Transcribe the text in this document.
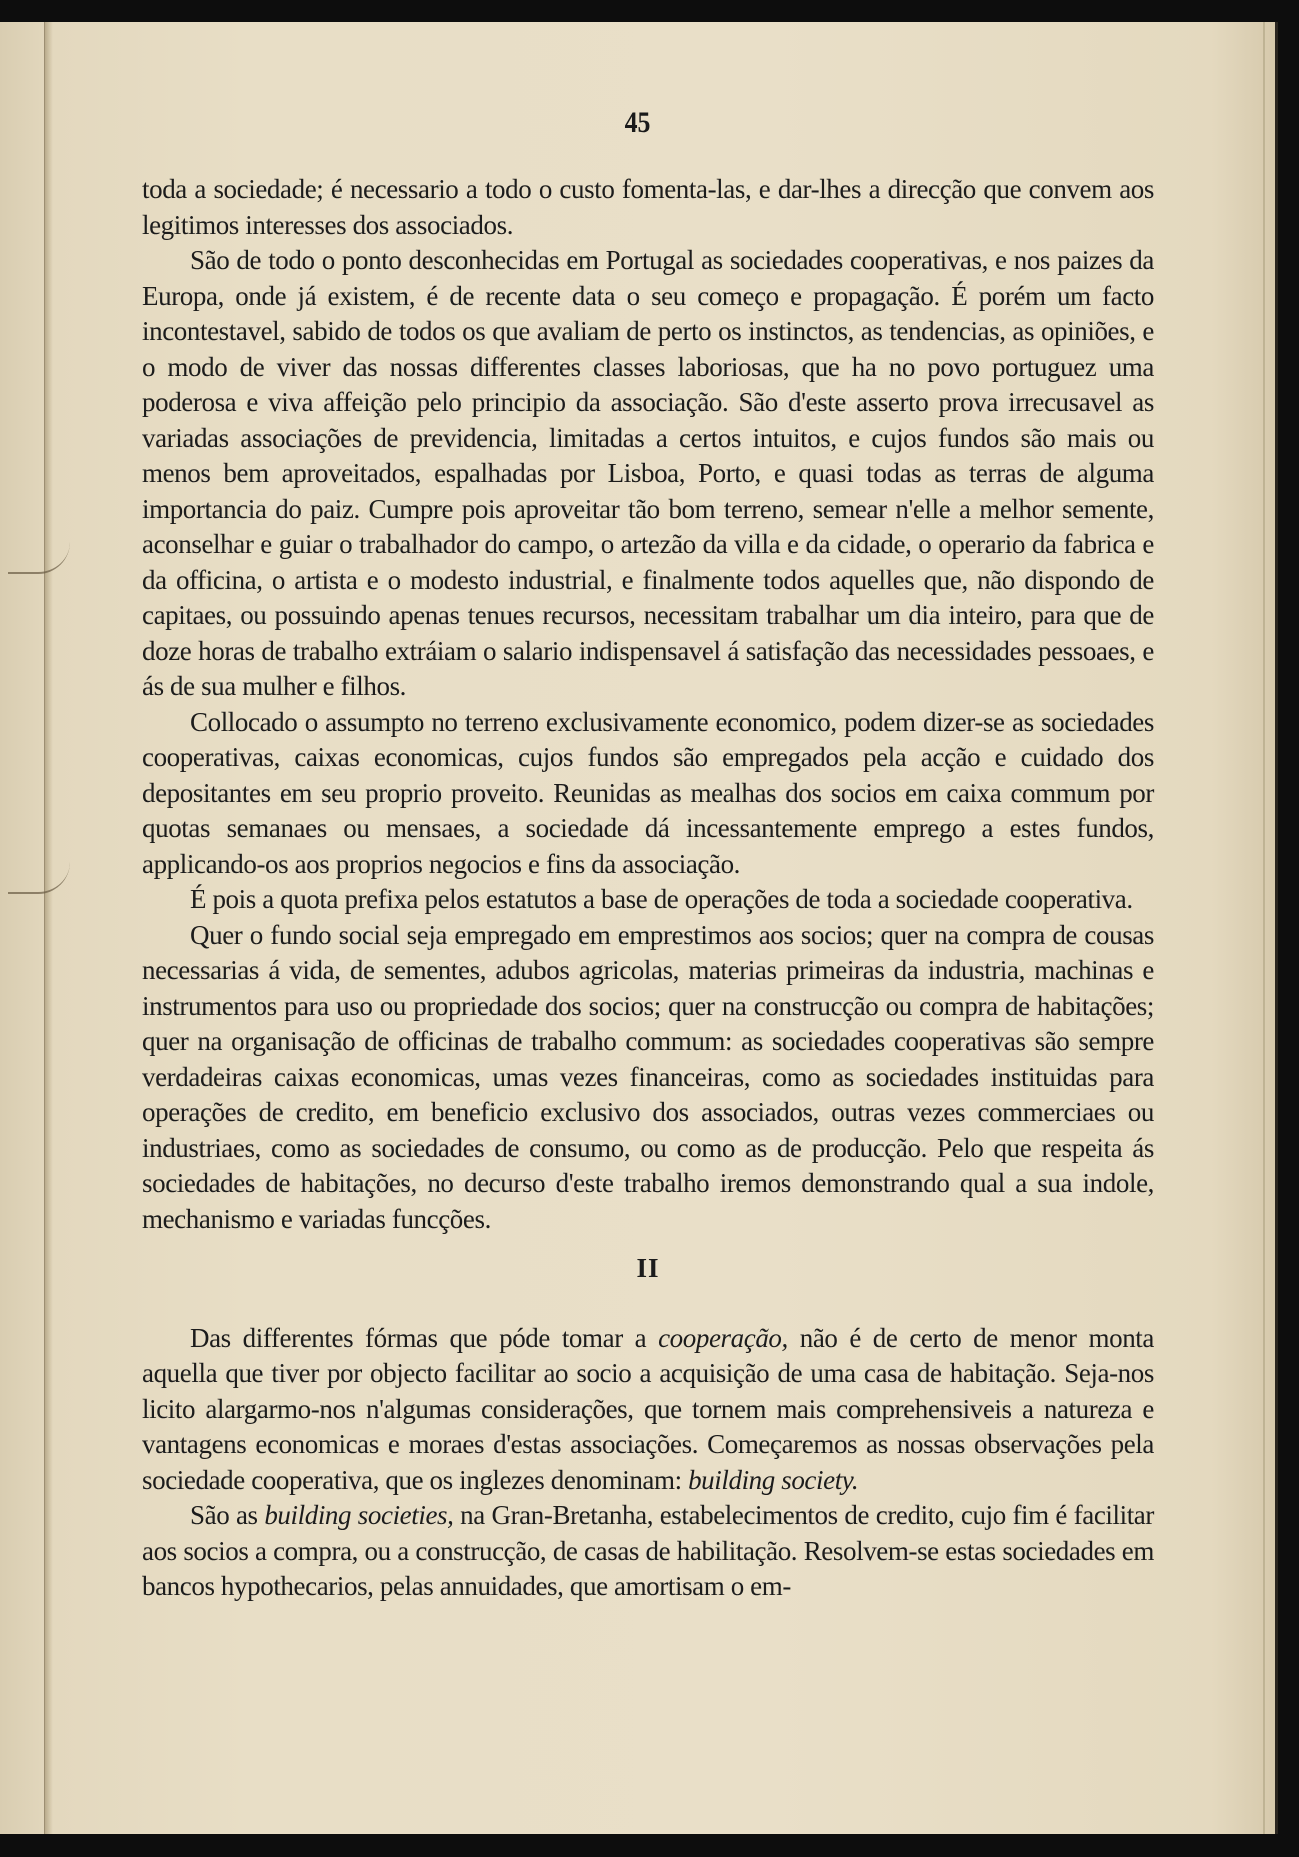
45

toda a sociedade; é necessario a todo o custo fomenta-las, e dar-lhes a direcção que convem aos legitimos interesses dos associados.

São de todo o ponto desconhecidas em Portugal as sociedades cooperativas, e nos paizes da Europa, onde já existem, é de recente data o seu começo e propagação. É porém um facto incontestavel, sabido de todos os que avaliam de perto os instinctos, as tendencias, as opiniões, e o modo de viver das nossas differentes classes laboriosas, que ha no povo portuguez uma poderosa e viva affeição pelo principio da associação. São d'este asserto prova irrecusavel as variadas associações de previdencia, limitadas a certos intuitos, e cujos fundos são mais ou menos bem aproveitados, espalhadas por Lisboa, Porto, e quasi todas as terras de alguma importancia do paiz. Cumpre pois aproveitar tão bom terreno, semear n'elle a melhor semente, aconselhar e guiar o trabalhador do campo, o artezão da villa e da cidade, o operario da fabrica e da officina, o artista e o modesto industrial, e finalmente todos aquelles que, não dispondo de capitaes, ou possuindo apenas tenues recursos, necessitam trabalhar um dia inteiro, para que de doze horas de trabalho extráiam o salario indispensavel á satisfação das necessidades pessoaes, e ás de sua mulher e filhos.

Collocado o assumpto no terreno exclusivamente economico, podem dizer-se as sociedades cooperativas, caixas economicas, cujos fundos são empregados pela acção e cuidado dos depositantes em seu proprio proveito. Reunidas as mealhas dos socios em caixa commum por quotas semanaes ou mensaes, a sociedade dá incessantemente emprego a estes fundos, applicando-os aos proprios negocios e fins da associação.

É pois a quota prefixa pelos estatutos a base de operações de toda a sociedade cooperativa.

Quer o fundo social seja empregado em emprestimos aos socios; quer na compra de cousas necessarias á vida, de sementes, adubos agricolas, materias primeiras da industria, machinas e instrumentos para uso ou propriedade dos socios; quer na construcção ou compra de habitações; quer na organisação de officinas de trabalho commum: as sociedades cooperativas são sempre verdadeiras caixas economicas, umas vezes financeiras, como as sociedades instituidas para operações de credito, em beneficio exclusivo dos associados, outras vezes commerciaes ou industriaes, como as sociedades de consumo, ou como as de producção. Pelo que respeita ás sociedades de habitações, no decurso d'este trabalho iremos demonstrando qual a sua indole, mechanismo e variadas funcções.

II

Das differentes fórmas que póde tomar a cooperação, não é de certo de menor monta aquella que tiver por objecto facilitar ao socio a acquisição de uma casa de habitação. Seja-nos licito alargarmo-nos n'algumas considerações, que tornem mais comprehensiveis a natureza e vantagens economicas e moraes d'estas associações. Começaremos as nossas observações pela sociedade cooperativa, que os inglezes denominam: building society.

São as building societies, na Gran-Bretanha, estabelecimentos de credito, cujo fim é facilitar aos socios a compra, ou a construcção, de casas de habilitação. Resolvem-se estas sociedades em bancos hypothecarios, pelas annuidades, que amortisam o em-
